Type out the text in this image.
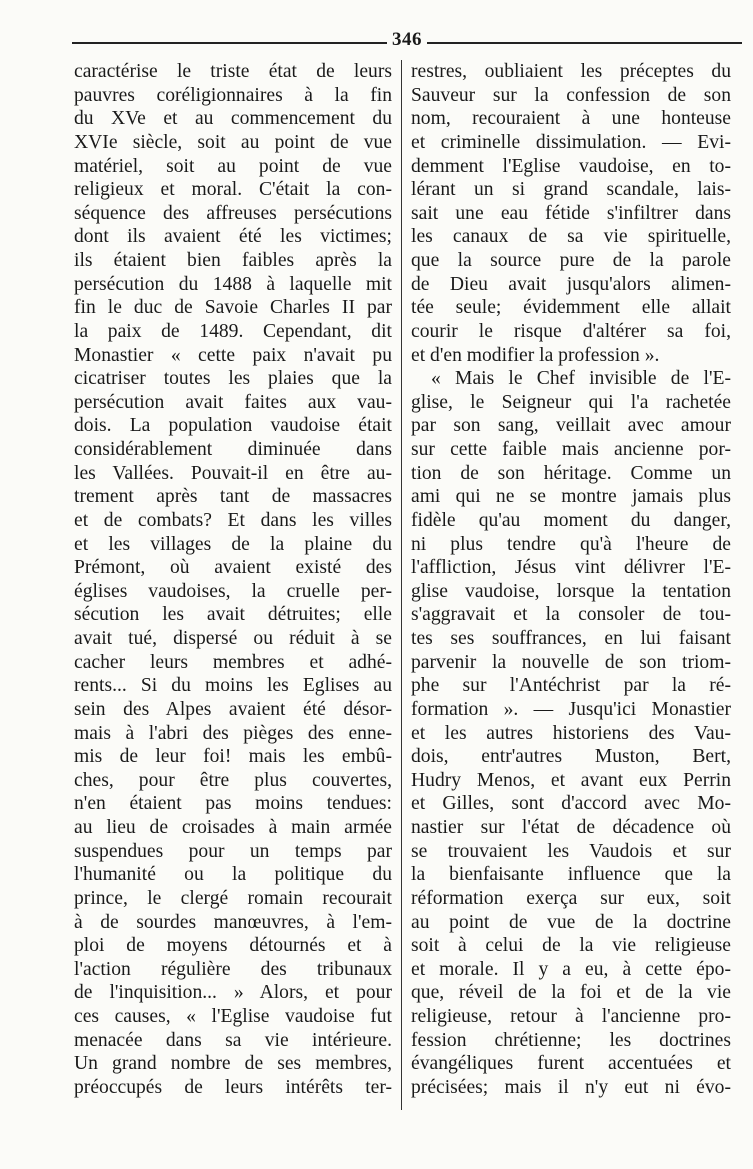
346
caractérise le triste état de leurs
pauvres coréligionnaires à la fin
du XVe et au commencement du
XVIe siècle, soit au point de vue
matériel, soit au point de vue
religieux et moral. C'était la con-
séquence des affreuses persécutions
dont ils avaient été les victimes;
ils étaient bien faibles après la
persécution du 1488 à laquelle mit
fin le duc de Savoie Charles II par
la paix de 1489. Cependant, dit
Monastier « cette paix n'avait pu
cicatriser toutes les plaies que la
persécution avait faites aux vau-
dois. La population vaudoise était
considérablement diminuée dans
les Vallées. Pouvait-il en être au-
trement après tant de massacres
et de combats? Et dans les villes
et les villages de la plaine du
Prémont, où avaient existé des
églises vaudoises, la cruelle per-
sécution les avait détruites; elle
avait tué, dispersé ou réduit à se
cacher leurs membres et adhé-
rents... Si du moins les Eglises au
sein des Alpes avaient été désor-
mais à l'abri des pièges des enne-
mis de leur foi! mais les embû-
ches, pour être plus couvertes,
n'en étaient pas moins tendues:
au lieu de croisades à main armée
suspendues pour un temps par
l'humanité ou la politique du
prince, le clergé romain recourait
à de sourdes manœuvres, à l'em-
ploi de moyens détournés et à
l'action régulière des tribunaux
de l'inquisition... » Alors, et pour
ces causes, « l'Eglise vaudoise fut
menacée dans sa vie intérieure.
Un grand nombre de ses membres,
préoccupés de leurs intérêts ter-
restres, oubliaient les préceptes du
Sauveur sur la confession de son
nom, recouraient à une honteuse
et criminelle dissimulation. — Evi-
demment l'Eglise vaudoise, en to-
lérant un si grand scandale, lais-
sait une eau fétide s'infiltrer dans
les canaux de sa vie spirituelle,
que la source pure de la parole
de Dieu avait jusqu'alors alimen-
tée seule; évidemment elle allait
courir le risque d'altérer sa foi,
et d'en modifier la profession ».
« Mais le Chef invisible de l'E-
glise, le Seigneur qui l'a rachetée
par son sang, veillait avec amour
sur cette faible mais ancienne por-
tion de son héritage. Comme un
ami qui ne se montre jamais plus
fidèle qu'au moment du danger,
ni plus tendre qu'à l'heure de
l'affliction, Jésus vint délivrer l'E-
glise vaudoise, lorsque la tentation
s'aggravait et la consoler de tou-
tes ses souffrances, en lui faisant
parvenir la nouvelle de son triom-
phe sur l'Antéchrist par la ré-
formation ». — Jusqu'ici Monastier
et les autres historiens des Vau-
dois, entr'autres Muston, Bert,
Hudry Menos, et avant eux Perrin
et Gilles, sont d'accord avec Mo-
nastier sur l'état de décadence où
se trouvaient les Vaudois et sur
la bienfaisante influence que la
réformation exerça sur eux, soit
au point de vue de la doctrine
soit à celui de la vie religieuse
et morale. Il y a eu, à cette épo-
que, réveil de la foi et de la vie
religieuse, retour à l'ancienne pro-
fession chrétienne; les doctrines
évangéliques furent accentuées et
précisées; mais il n'y eut ni évo-
